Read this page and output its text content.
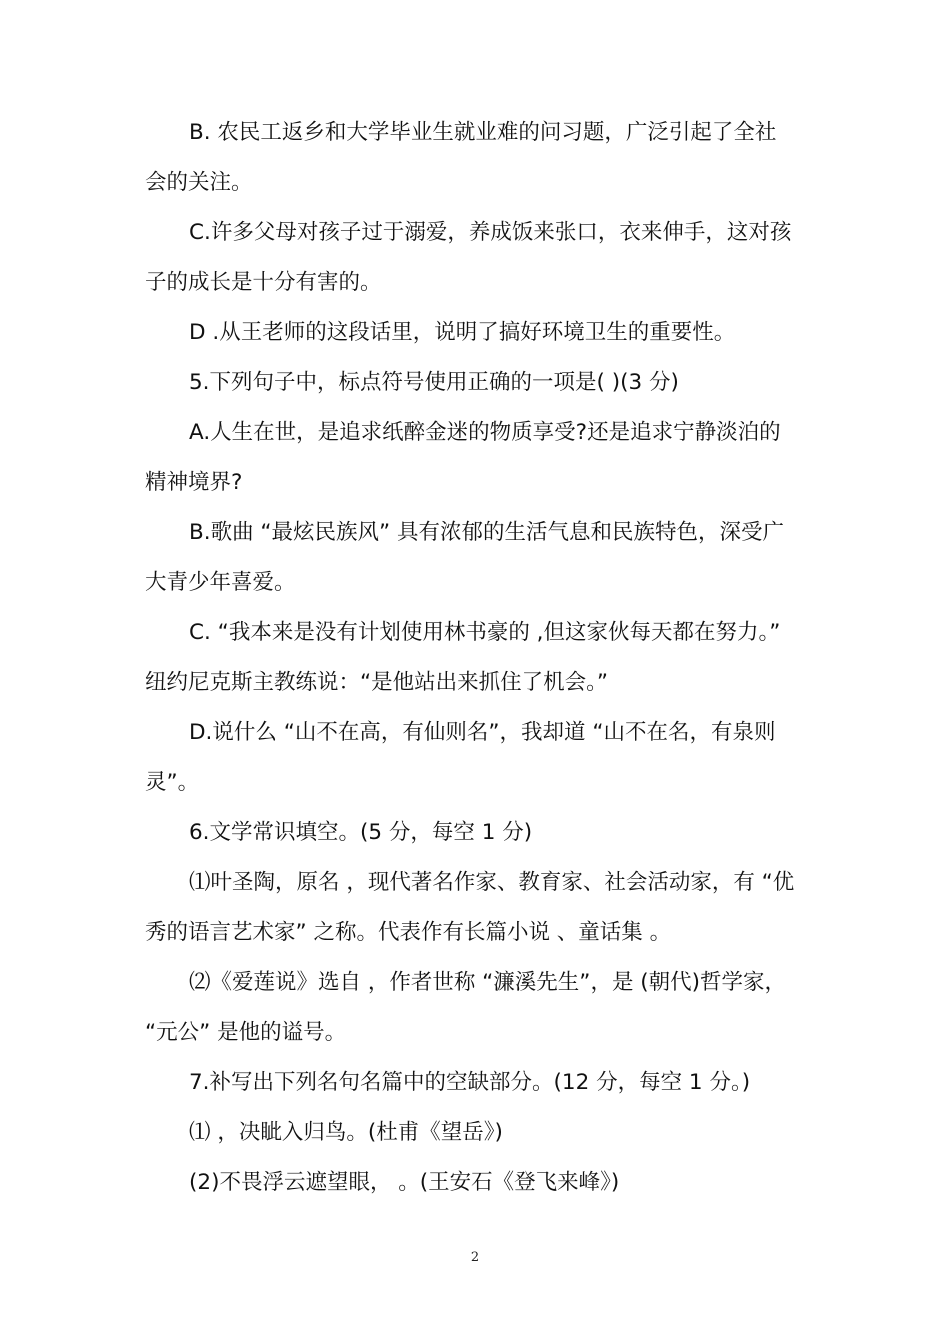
B. 农民工返乡和大学毕业生就业难的问习题，广泛引起了全社
会的关注。
C.许多父母对孩子过于溺爱，养成饭来张口，衣来伸手，这对孩
子的成长是十分有害的。
D .从王老师的这段话里，说明了搞好环境卫生的重要性。
5.下列句子中，标点符号使用正确的一项是( )(3 分)
A.人生在世，是追求纸醉金迷的物质享受?还是追求宁静淡泊的
精神境界?
B.歌曲 “最炫民族风” 具有浓郁的生活气息和民族特色，深受广
大青少年喜爱。
C. “我本来是没有计划使用林书豪的 ,但这家伙每天都在努力。”
纽约尼克斯主教练说：“是他站出来抓住了机会。”
D.说什么 “山不在高，有仙则名”，我却道 “山不在名，有泉则
灵”。
6.文学常识填空。(5 分，每空 1 分)
⑴叶圣陶，原名 ，现代著名作家、教育家、社会活动家，有 “优
秀的语言艺术家” 之称。代表作有长篇小说 、童话集 。
⑵《爱莲说》选自 ，作者世称 “濂溪先生”，是 (朝代)哲学家，
“元公” 是他的谥号。
7.补写出下列名句名篇中的空缺部分。(12 分，每空 1 分。)
⑴ ，决眦入归鸟。(杜甫《望岳》)
(2)不畏浮云遮望眼， 。(王安石《登飞来峰》)
2
